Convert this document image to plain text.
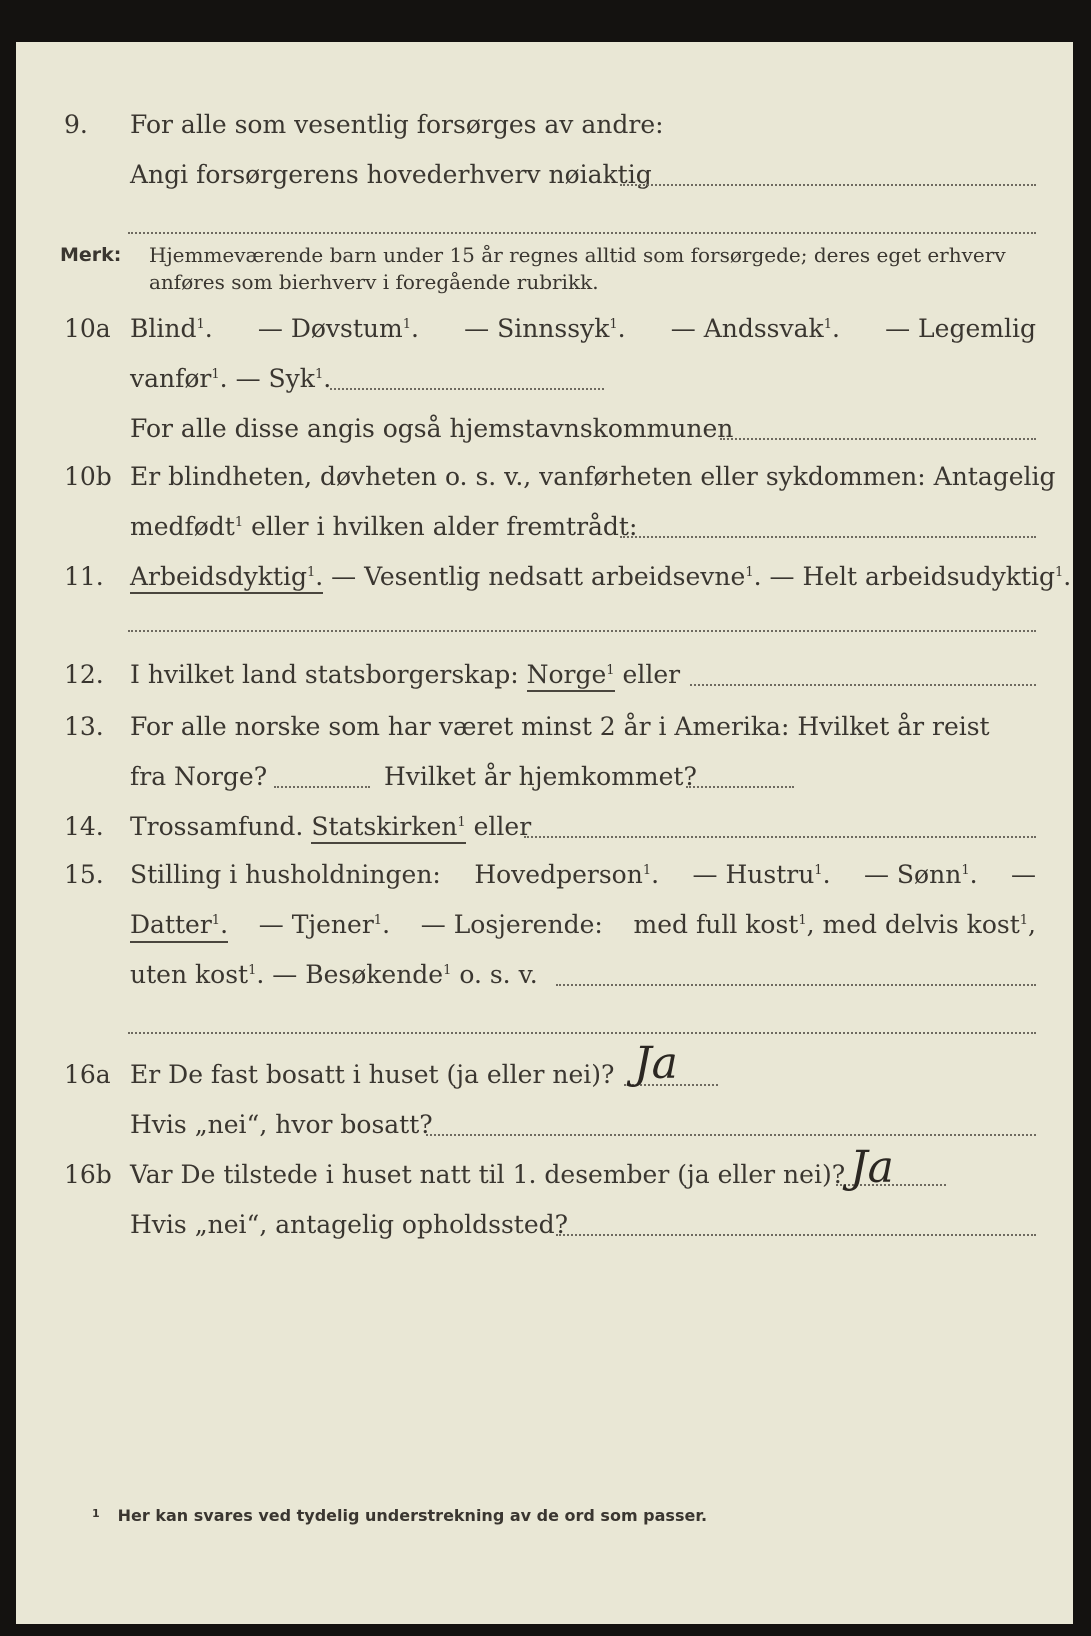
9. For alle som vesentlig forsørges av andre:
Angi forsørgerens hovederhverv nøiaktig
Merk: Hjemmeværende barn under 15 år regnes alltid som forsørgede; deres eget erhverv
anføres som bierhverv i foregående rubrikk.
10a Blind$^1$. — Døvstum$^1$. — Sinnssyk$^1$. — Andssvak$^1$. — Legemlig
vanfør$^1$. — Syk$^1$.
For alle disse angis også hjemstavnskommunen
10b Er blindheten, døvheten o. s. v., vanførheten eller sykdommen: Antagelig
medfødt$^1$ eller i hvilken alder fremtrådt:
11. Arbeidsdyktig$^1$. — Vesentlig nedsatt arbeidsevne$^1$. — Helt arbeidsudyktig$^1$.
12. I hvilket land statsborgerskap: Norge$^1$ eller
13. For alle norske som har været minst 2 år i Amerika: Hvilket år reist
fra Norge?	Hvilket år hjemkommet?
14. Trossamfund. Statskirken$^1$ eller
15. Stilling i husholdningen: Hovedperson$^1$. — Hustru$^1$. — Sønn$^1$. —
Datter$^1$. — Tjener$^1$. — Losjerende: med full kost$^1$, med delvis kost$^1$,
uten kost$^1$. — Besøkende$^1$ o. s. v.
16a Er De fast bosatt i huset (ja eller nei)? Ja
Hvis „nei“, hvor bosatt?
16b Var De tilstede i huset natt til 1. desember (ja eller nei)? Ja
Hvis „nei“, antagelig opholdssted?
$^1$ Her kan svares ved tydelig understrekning av de ord som passer.
